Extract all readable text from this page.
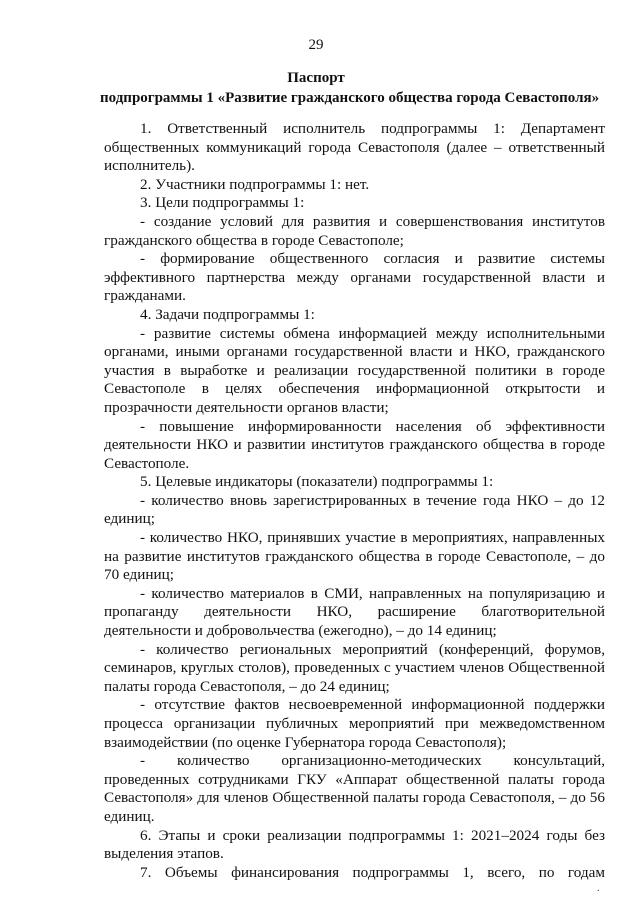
29
Паспорт
подпрограммы 1 «Развитие гражданского общества города Севастополя»

1. Ответственный исполнитель подпрограммы 1: Департамент общественных коммуникаций города Севастополя (далее – ответственный исполнитель).

2. Участники подпрограммы 1: нет.

3. Цели подпрограммы 1:

- создание условий для развития и совершенствования институтов гражданского общества в городе Севастополе;

- формирование общественного согласия и развитие системы эффективного партнерства между органами государственной власти и гражданами.

4. Задачи подпрограммы 1:

- развитие системы обмена информацией между исполнительными органами, иными органами государственной власти и НКО, гражданского участия в выработке и реализации государственной политики в городе Севастополе в целях обеспечения информационной открытости и прозрачности деятельности органов власти;

- повышение информированности населения об эффективности деятельности НКО и развитии институтов гражданского общества в городе Севастополе.

5. Целевые индикаторы (показатели) подпрограммы 1:

- количество вновь зарегистрированных в течение года НКО – до 12 единиц;

- количество НКО, принявших участие в мероприятиях, направленных на развитие институтов гражданского общества в городе Севастополе, – до 70 единиц;

- количество материалов в СМИ, направленных на популяризацию и пропаганду деятельности НКО, расширение благотворительной деятельности и добровольчества (ежегодно), – до 14 единиц;

- количество региональных мероприятий (конференций, форумов, семинаров, круглых столов), проведенных с участием членов Общественной палаты города Севастополя, – до 24 единиц;

- отсутствие фактов несвоевременной информационной поддержки процесса организации публичных мероприятий при межведомственном взаимодействии (по оценке Губернатора города Севастополя);

- количество организационно-методических консультаций, проведенных сотрудниками ГКУ «Аппарат общественной палаты города Севастополя» для членов Общественной палаты города Севастополя, – до 56 единиц.

6. Этапы и сроки реализации подпрограммы 1: 2021–2024 годы без выделения этапов.

7. Объемы финансирования подпрограммы 1, всего, по годам

.
